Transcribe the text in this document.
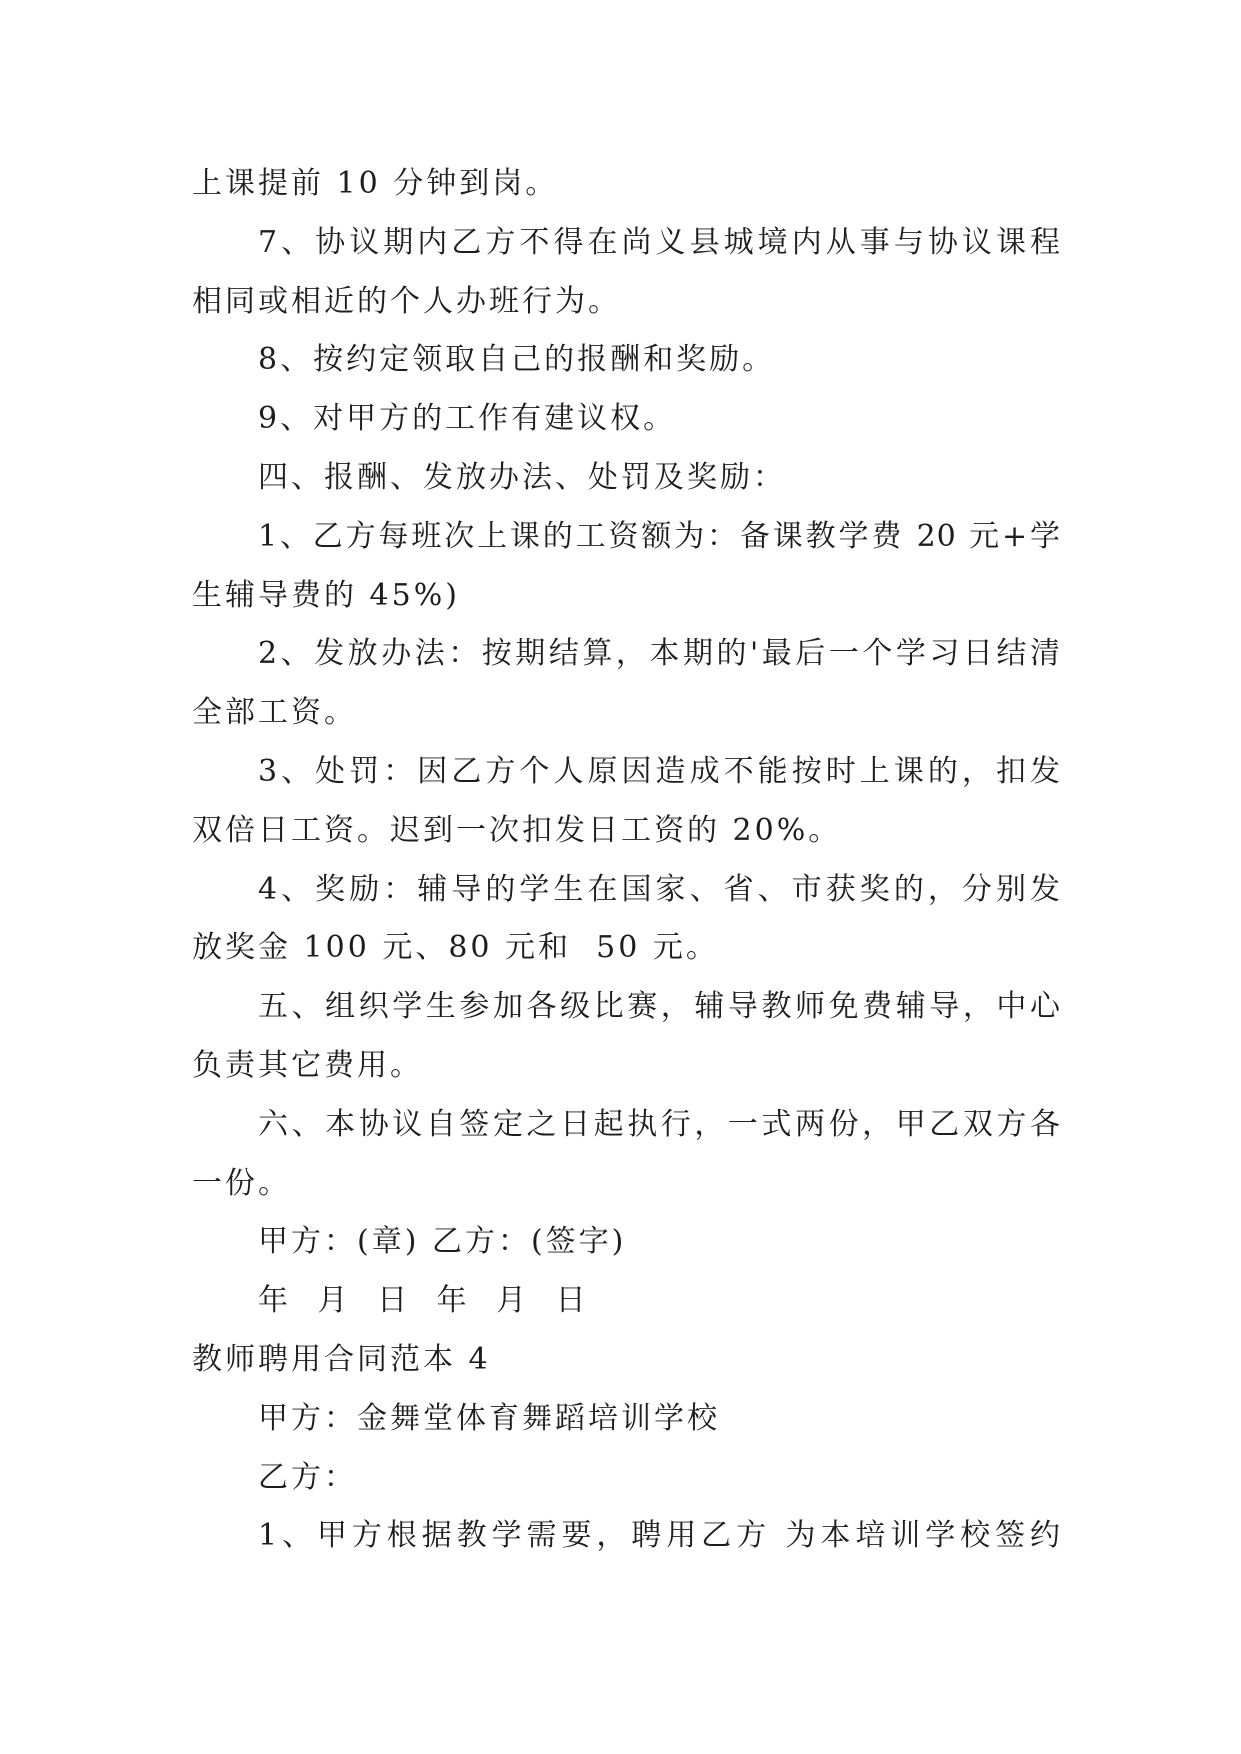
上课提前 10 分钟到岗。
7、协议期内乙方不得在尚义县城境内从事与协议课程
相同或相近的个人办班行为。
8、按约定领取自己的报酬和奖励。
9、对甲方的工作有建议权。
四、报酬、发放办法、处罚及奖励：
1、乙方每班次上课的工资额为：备课教学费 20 元+学
生辅导费的 45%)
2、发放办法：按期结算，本期的'最后一个学习日结清
全部工资。
3、处罚：因乙方个人原因造成不能按时上课的，扣发
双倍日工资。迟到一次扣发日工资的 20%。
4、奖励：辅导的学生在国家、省、市获奖的，分别发
放奖金 100 元、80 元和  50 元。
五、组织学生参加各级比赛，辅导教师免费辅导，中心
负责其它费用。
六、本协议自签定之日起执行，一式两份，甲乙双方各
一份。
甲方：(章) 乙方：(签字)
年 月 日 年 月 日
教师聘用合同范本 4
甲方：金舞堂体育舞蹈培训学校
乙方：
1、甲方根据教学需要，聘用乙方 为本培训学校签约
